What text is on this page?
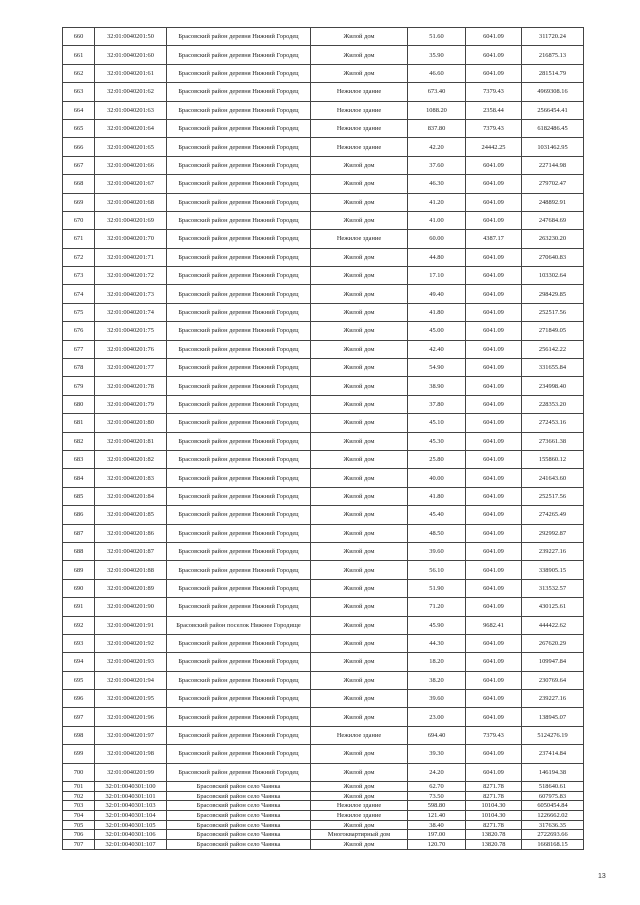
660	32:01:0040201:50	Брасовский район деревня Нижний Городец	Жилой дом	51.60	6041.09	311720.24
661	32:01:0040201:60	Брасовский район деревня Нижний Городец	Жилой дом	35.90	6041.09	216875.13
662	32:01:0040201:61	Брасовский район деревня Нижний Городец	Жилой дом	46.60	6041.09	281514.79
663	32:01:0040201:62	Брасовский район деревня Нижний Городец	Нежилое здание	673.40	7379.43	4969308.16
664	32:01:0040201:63	Брасовский район деревня Нижний Городец	Нежилое здание	1088.20	2358.44	2566454.41
665	32:01:0040201:64	Брасовский район деревня Нижний Городец	Нежилое здание	837.80	7379.43	6182486.45
666	32:01:0040201:65	Брасовский район деревня Нижний Городец	Нежилое здание	42.20	24442.25	1031462.95
667	32:01:0040201:66	Брасовский район деревня Нижний Городец	Жилой дом	37.60	6041.09	227144.98
668	32:01:0040201:67	Брасовский район деревня Нижний Городец	Жилой дом	46.30	6041.09	279702.47
669	32:01:0040201:68	Брасовский район деревня Нижний Городец	Жилой дом	41.20	6041.09	248892.91
670	32:01:0040201:69	Брасовский район деревня Нижний Городец	Жилой дом	41.00	6041.09	247684.69
671	32:01:0040201:70	Брасовский район деревня Нижний Городец	Нежилое здание	60.00	4387.17	263230.20
672	32:01:0040201:71	Брасовский район деревня Нижний Городец	Жилой дом	44.80	6041.09	270640.83
673	32:01:0040201:72	Брасовский район деревня Нижний Городец	Жилой дом	17.10	6041.09	103302.64
674	32:01:0040201:73	Брасовский район деревня Нижний Городец	Жилой дом	49.40	6041.09	298429.85
675	32:01:0040201:74	Брасовский район деревня Нижний Городец	Жилой дом	41.80	6041.09	252517.56
676	32:01:0040201:75	Брасовский район деревня Нижний Городец	Жилой дом	45.00	6041.09	271849.05
677	32:01:0040201:76	Брасовский район деревня Нижний Городец	Жилой дом	42.40	6041.09	256142.22
678	32:01:0040201:77	Брасовский район деревня Нижний Городец	Жилой дом	54.90	6041.09	331655.84
679	32:01:0040201:78	Брасовский район деревня Нижний Городец	Жилой дом	38.90	6041.09	234998.40
680	32:01:0040201:79	Брасовский район деревня Нижний Городец	Жилой дом	37.80	6041.09	228353.20
681	32:01:0040201:80	Брасовский район деревня Нижний Городец	Жилой дом	45.10	6041.09	272453.16
682	32:01:0040201:81	Брасовский район деревня Нижний Городец	Жилой дом	45.30	6041.09	273661.38
683	32:01:0040201:82	Брасовский район деревня Нижний Городец	Жилой дом	25.80	6041.09	155860.12
684	32:01:0040201:83	Брасовский район деревня Нижний Городец	Жилой дом	40.00	6041.09	241643.60
685	32:01:0040201:84	Брасовский район деревня Нижний Городец	Жилой дом	41.80	6041.09	252517.56
686	32:01:0040201:85	Брасовский район деревня Нижний Городец	Жилой дом	45.40	6041.09	274265.49
687	32:01:0040201:86	Брасовский район деревня Нижний Городец	Жилой дом	48.50	6041.09	292992.87
688	32:01:0040201:87	Брасовский район деревня Нижний Городец	Жилой дом	39.60	6041.09	239227.16
689	32:01:0040201:88	Брасовский район деревня Нижний Городец	Жилой дом	56.10	6041.09	338905.15
690	32:01:0040201:89	Брасовский район деревня Нижний Городец	Жилой дом	51.90	6041.09	313532.57
691	32:01:0040201:90	Брасовский район деревня Нижний Городец	Жилой дом	71.20	6041.09	430125.61
692	32:01:0040201:91	Брасовский район поселок Нижнее Городище	Жилой дом	45.90	9682.41	444422.62
693	32:01:0040201:92	Брасовский район деревня Нижний Городец	Жилой дом	44.30	6041.09	267620.29
694	32:01:0040201:93	Брасовский район деревня Нижний Городец	Жилой дом	18.20	6041.09	109947.84
695	32:01:0040201:94	Брасовский район деревня Нижний Городец	Жилой дом	38.20	6041.09	230769.64
696	32:01:0040201:95	Брасовский район деревня Нижний Городец	Жилой дом	39.60	6041.09	239227.16
697	32:01:0040201:96	Брасовский район деревня Нижний Городец	Жилой дом	23.00	6041.09	138945.07
698	32:01:0040201:97	Брасовский район деревня Нижний Городец	Нежилое здание	694.40	7379.43	5124276.19
699	32:01:0040201:98	Брасовский район деревня Нижний Городец	Жилой дом	39.30	6041.09	237414.84
700	32:01:0040201:99	Брасовский район деревня Нижний Городец	Жилой дом	24.20	6041.09	146194.38
701	32:01:0040301:100	Брасовский район село Чаянка	Жилой дом	62.70	8271.78	518640.61
702	32:01:0040301:101	Брасовский район село Чаянка	Жилой дом	73.50	8271.78	607975.83
703	32:01:0040301:103	Брасовский район село Чаянка	Нежилое здание	598.80	10104.30	6050454.84
704	32:01:0040301:104	Брасовский район село Чаянка	Нежилое здание	121.40	10104.30	1226662.02
705	32:01:0040301:105	Брасовский район село Чаянка	Жилой дом	38.40	8271.78	317636.35
706	32:01:0040301:106	Брасовский район село Чаянка	Многоквартирный дом	197.00	13820.78	2722693.66
707	32:01:0040301:107	Брасовский район село Чаянка	Жилой дом	120.70	13820.78	1668168.15
13
